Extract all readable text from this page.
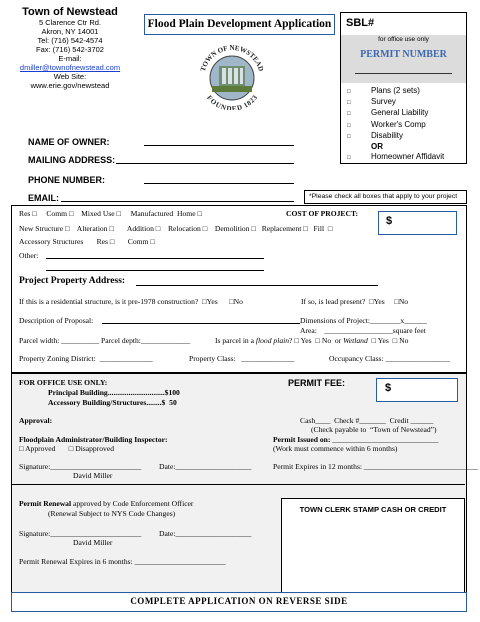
Town of Newstead
5 Clarence Ctr Rd.
Akron, NY 14001
Tel: (716) 542-4574
Fax: (716) 542-3702
E-mail:
dmiller@townofnewstead.com
Web Site:
www.erie.gov/newstead
Flood Plain Development Application
TOWN OF NEWSTEAD
FOUNDED 1823
SBL#
for office use only
PERMIT NUMBER
□	Plans (2 sets)
□	Survey
□	General Liability
□	Worker's Comp
□	Disability
OR
□	Homeowner Affidavit
NAME OF OWNER:
MAILING ADDRESS:
PHONE NUMBER:
EMAIL:	*Please check all boxes that apply to your project
Res □     Comm □    Mixed Use □     Manufactured  Home □	COST OF PROJECT:
$
New Structure □    Alteration □       Addition □    Relocation □    Demolition □   Replacement □   Fill  □
Accessory Structures       Res □       Comm □
Other:
Project Property Address:
If this is a residential structure, is it pre-1978 construction?  □Yes      □No	If so, is lead present?  □Yes     □No
Description of Proposal:	Dimensions of Project:________x______
Area:    __________________square feet
Parcel width: __________ Parcel depth:_____________	Is parcel in a flood plain? □ Yes  □ No  or Wetland  □ Yes  □ No
Property Zoning District:  ______________	Property Class:   ______________	Occupancy Class: _________________
FOR OFFICE USE ONLY:
Principal Building..............................$100
Accessory Building/Structures........$  50
PERMIT FEE:	$
Approval:	Cash____  Check #_______  Credit ______
(Check payable to  “Town of Newstead”)
Floodplain Administrator/Building Inspector:
□ Approved       □ Disapproved
Permit Issued on: ____________________________
(Work must commence within 6 months)
Signature:________________________ Date:____________________	Permit Expires in 12 months: ______________________________
David Miller
Permit Renewal approved by Code Enforcement Officer
(Renewal Subject to NYS Code Changes)
Signature:________________________ Date:____________________
David Miller
Permit Renewal Expires in 6 months: ________________________
TOWN CLERK STAMP CASH OR CREDIT
COMPLETE APPLICATION ON REVERSE SIDE
